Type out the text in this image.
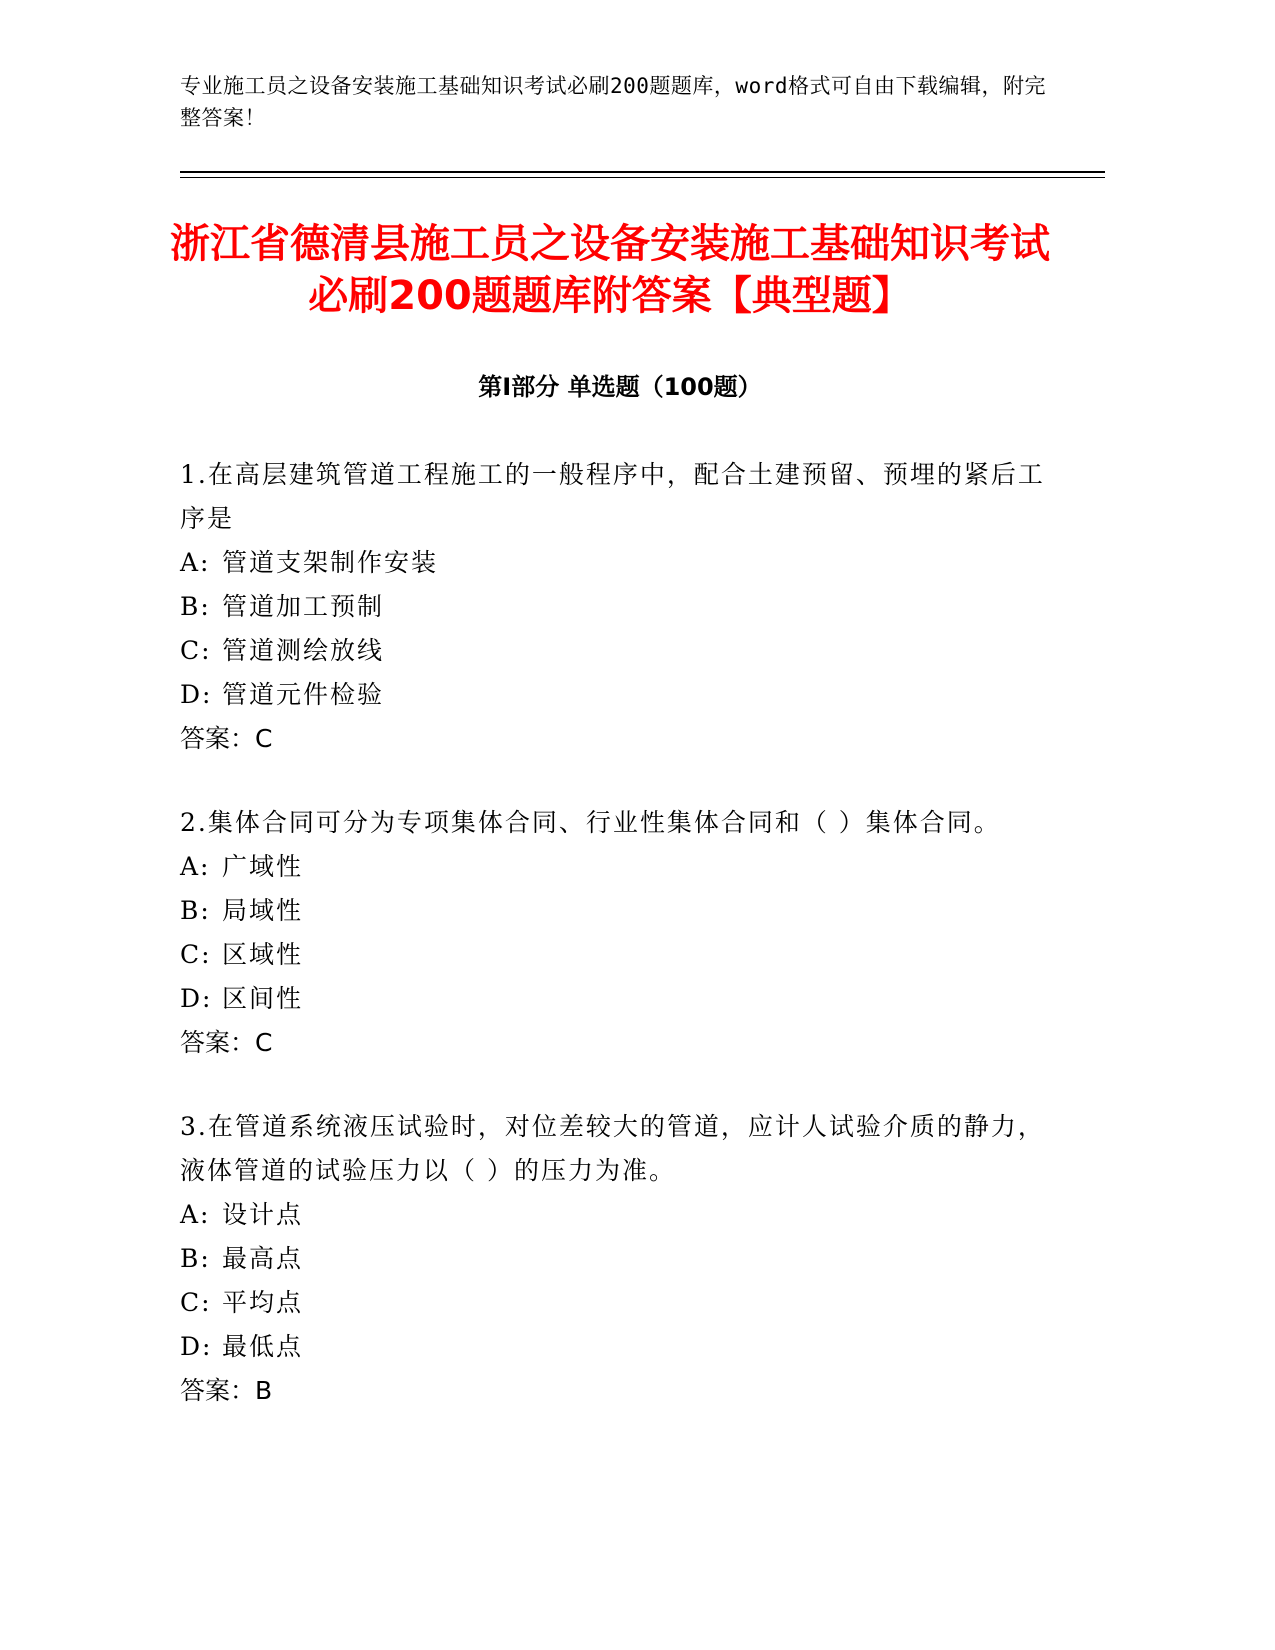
专业施工员之设备安装施工基础知识考试必刷200题题库，word格式可自由下载编辑，附完整答案！
浙江省德清县施工员之设备安装施工基础知识考试必刷200题题库附答案【典型题】
第I部分 单选题（100题）
1.在高层建筑管道工程施工的一般程序中，配合土建预留、预埋的紧后工序是
A: 管道支架制作安装
B: 管道加工预制
C: 管道测绘放线
D: 管道元件检验
答案：C
2.集体合同可分为专项集体合同、行业性集体合同和（ ）集体合同。
A: 广域性
B: 局域性
C: 区域性
D: 区间性
答案：C
3.在管道系统液压试验时，对位差较大的管道，应计人试验介质的静力，液体管道的试验压力以（ ）的压力为准。
A: 设计点
B: 最高点
C: 平均点
D: 最低点
答案：B
